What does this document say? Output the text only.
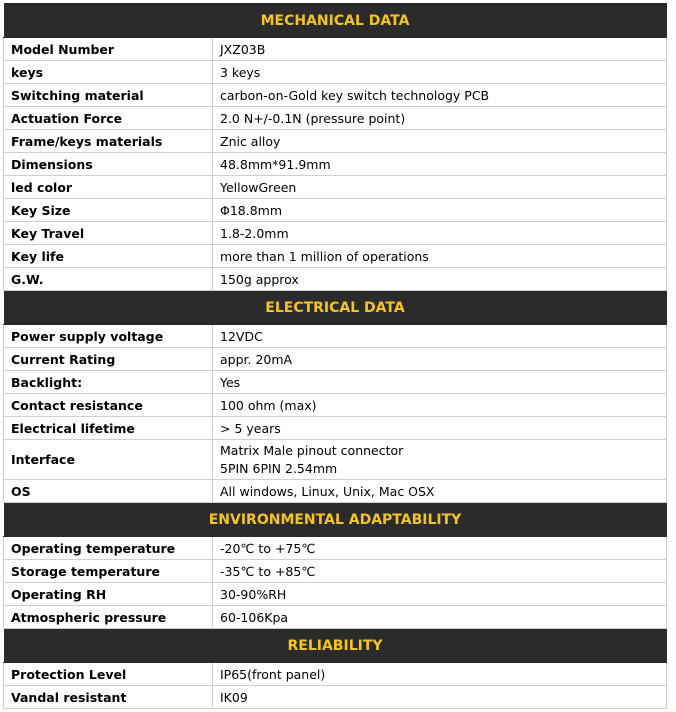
MECHANICAL DATA	
Model Number	JXZ03B

keys	3 keys

Switching material	carbon-on-Gold key switch technology PCB

Actuation Force	2.0 N+/-0.1N (pressure point)

Frame/keys materials	Znic alloy

Dimensions	48.8mm*91.9mm

led color	YellowGreen

Key Size	Φ18.8mm

Key Travel	1.8-2.0mm

Key life	more than 1 million of operations

G.W.	150g approx

ELECTRICAL DATA	
Power supply voltage	12VDC

Current Rating	appr. 20mA

Backlight:	Yes

Contact resistance	100 ohm (max)

Electrical lifetime	> 5 years

Interface	Matrix Male pinout connector
5PIN 6PIN 2.54mm

OS	All windows, Linux, Unix, Mac OSX

ENVIRONMENTAL ADAPTABILITY	
Operating temperature	-20℃ to +75℃

Storage temperature	-35℃ to +85℃

Operating RH	30-90%RH

Atmospheric pressure	60-106Kpa

RELIABILITY	
Protection Level	IP65(front panel)

Vandal resistant	IK09
